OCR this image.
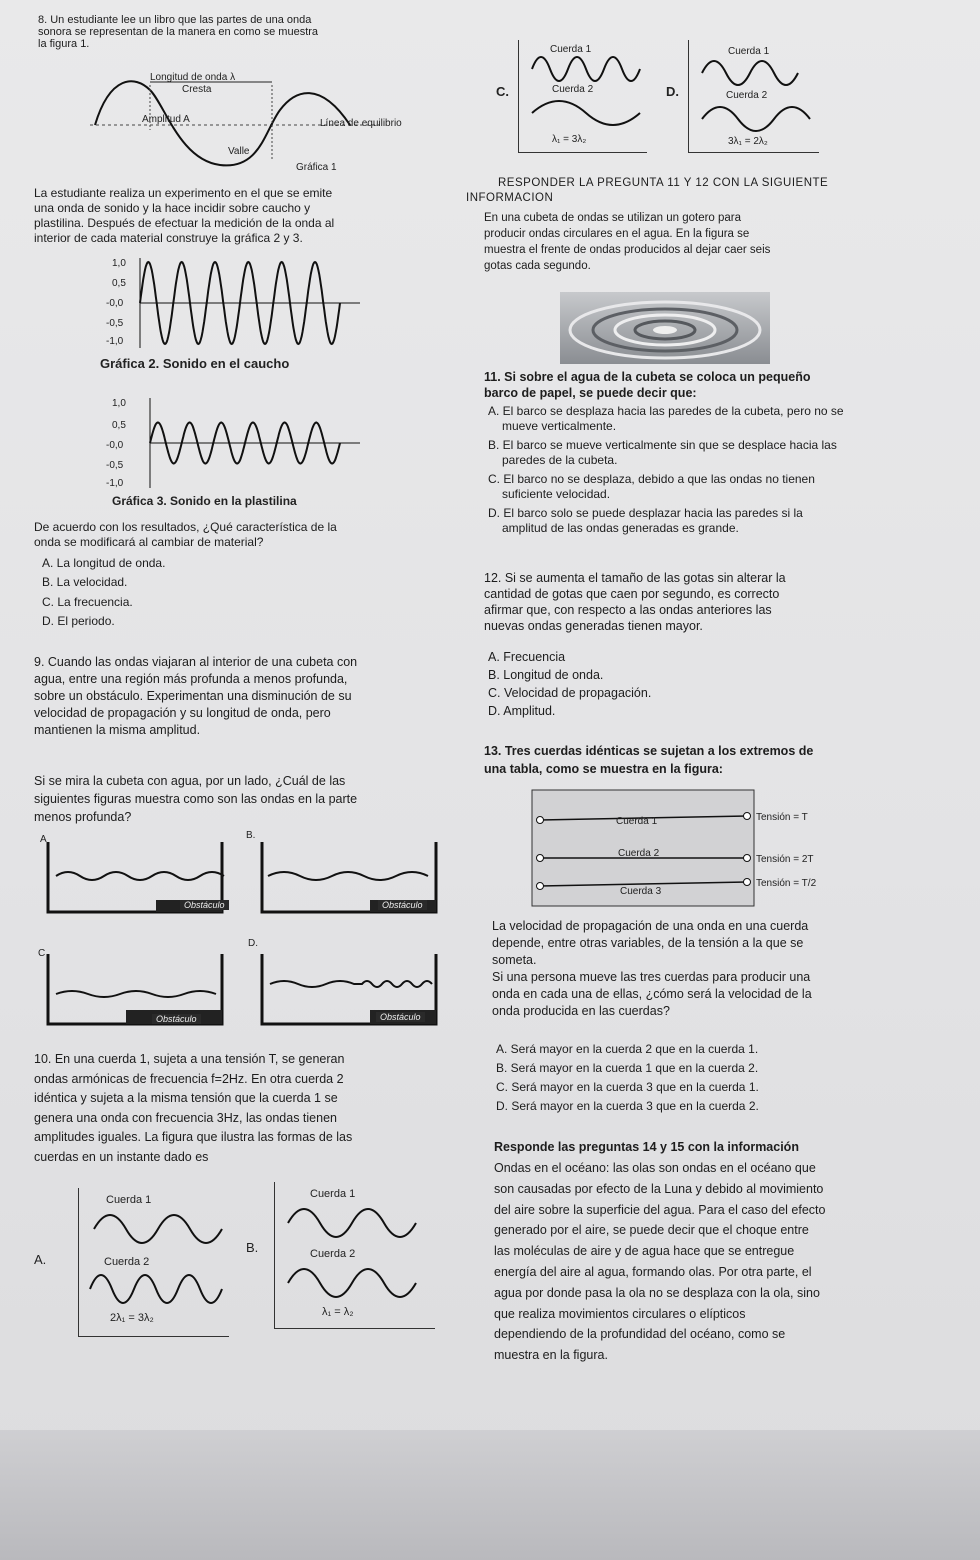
8. Un estudiante lee un libro que las partes de una onda
sonora se representan de la manera en como se muestra
la figura 1.
Longitud de onda λ
Cresta
Amplitud A	Línea de equilibrio
Valle
Gráfica 1
La estudiante realiza un experimento en el que se emite
una onda de sonido y la hace incidir sobre caucho y
plastilina. Después de efectuar la medición de la onda al
interior de cada material construye la gráfica 2 y 3.
1,0
0,5
-0,0
-0,5
-1,0
Gráfica 2. Sonido en el caucho
1,0
0,5
-0,0
-0,5
-1,0
Gráfica 3. Sonido en la plastilina
De acuerdo con los resultados, ¿Qué característica de la
onda se modificará al cambiar de material?
A. La longitud de onda.
B. La velocidad.
C. La frecuencia.
D. El periodo.
9. Cuando las ondas viajaran al interior de una cubeta con
agua, entre una región más profunda a menos profunda,
sobre un obstáculo. Experimentan una disminución de su
velocidad de propagación y su longitud de onda, pero
mantienen la misma amplitud.
Si se mira la cubeta con agua, por un lado, ¿Cuál de las
siguientes figuras muestra como son las ondas en la parte
menos profunda?
A
Obstáculo
B.
Obstáculo
C
Obstáculo
D.
Obstáculo
10. En una cuerda 1, sujeta a una tensión T, se generan
ondas armónicas de frecuencia f=2Hz. En otra cuerda 2
idéntica y sujeta a la misma tensión que la cuerda 1 se
genera una onda con frecuencia 3Hz, las ondas tienen
amplitudes iguales. La figura que ilustra las formas de las
cuerdas en un instante dado es
A.
Cuerda 1
Cuerda 2
2λ₁ = 3λ₂
B.
Cuerda 1
Cuerda 2
λ₁ = λ₂
C.
Cuerda 1
Cuerda 2
λ₁ = 3λ₂
D.
Cuerda 1
Cuerda 2
3λ₁ = 2λ₂
RESPONDER LA PREGUNTA 11 Y 12 CON LA SIGUIENTE
INFORMACION
En una cubeta de ondas se utilizan un gotero para
producir ondas circulares en el agua. En la figura se
muestra el frente de ondas producidos al dejar caer seis
gotas cada segundo.
11. Si sobre el agua de la cubeta se coloca un pequeño
barco de papel, se puede decir que:
A. El barco se desplaza hacia las paredes de la cubeta, pero no se mueve verticalmente.
B. El barco se mueve verticalmente sin que se desplace hacia las paredes de la cubeta.
C. El barco no se desplaza, debido a que las ondas no tienen suficiente velocidad.
D. El barco solo se puede desplazar hacia las paredes si la amplitud de las ondas generadas es grande.
12. Si se aumenta el tamaño de las gotas sin alterar la
cantidad de gotas que caen por segundo, es correcto
afirmar que, con respecto a las ondas anteriores las
nuevas ondas generadas tienen mayor.
A. Frecuencia
B. Longitud de onda.
C. Velocidad de propagación.
D. Amplitud.
13. Tres cuerdas idénticas se sujetan a los extremos de
una tabla, como se muestra en la figura:
Cuerda 1
Cuerda 2
Cuerda 3
Tensión = T
Tensión = 2T
Tensión = T/2
La velocidad de propagación de una onda en una cuerda
depende, entre otras variables, de la tensión a la que se
someta.
Si una persona mueve las tres cuerdas para producir una
onda en cada una de ellas, ¿cómo será la velocidad de la
onda producida en las cuerdas?
A. Será mayor en la cuerda 2 que en la cuerda 1.
B. Será mayor en la cuerda 1 que en la cuerda 2.
C. Será mayor en la cuerda 3 que en la cuerda 1.
D. Será mayor en la cuerda 3 que en la cuerda 2.
Responde las preguntas 14 y 15 con la información
Ondas en el océano: las olas son ondas en el océano que
son causadas por efecto de la Luna y debido al movimiento
del aire sobre la superficie del agua. Para el caso del efecto
generado por el aire, se puede decir que el choque entre
las moléculas de aire y de agua hace que se entregue
energía del aire al agua, formando olas. Por otra parte, el
agua por donde pasa la ola no se desplaza con la ola, sino
que realiza movimientos circulares o elípticos
dependiendo de la profundidad del océano, como se
muestra en la figura.
